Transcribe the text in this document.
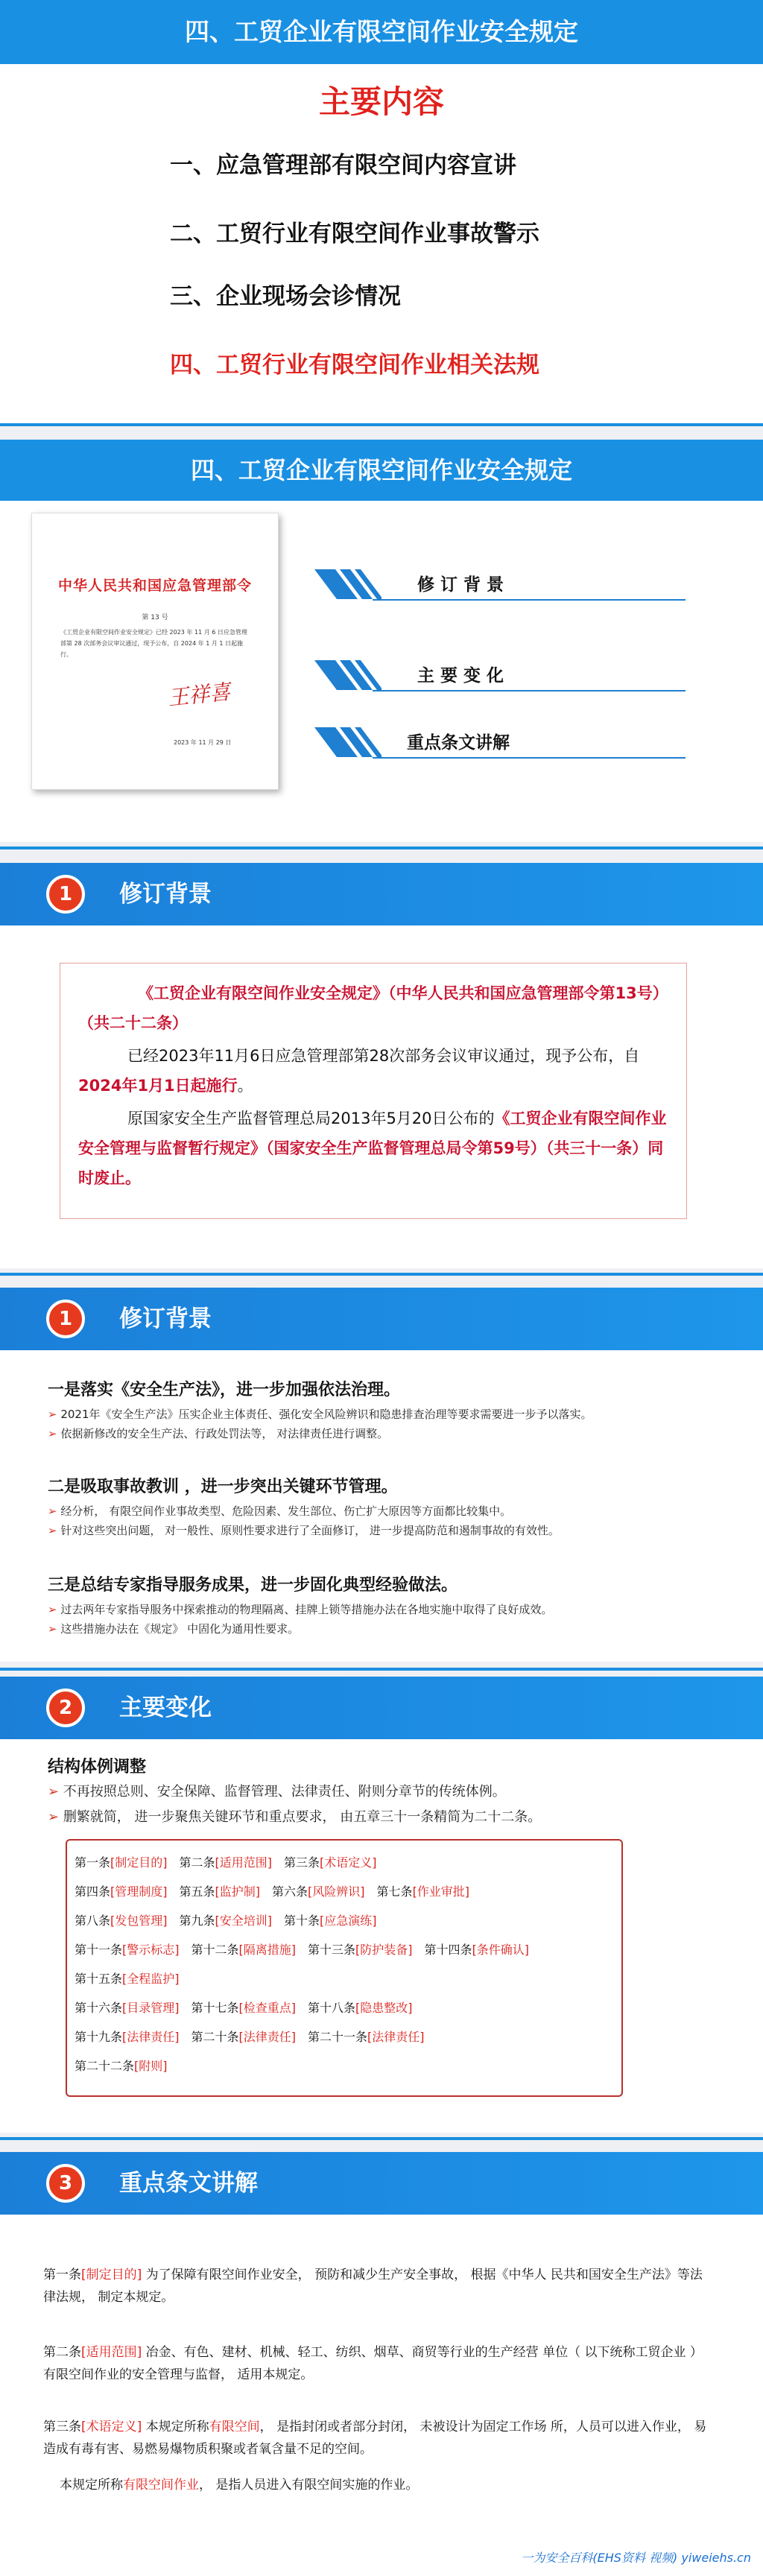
四、工贸企业有限空间作业安全规定
主要内容
一、应急管理部有限空间内容宣讲
二、工贸行业有限空间作业事故警示
三、企业现场会诊情况
四、工贸行业有限空间作业相关法规
四、工贸企业有限空间作业安全规定
中华人民共和国应急管理部令
第 13 号
《工贸企业有限空间作业安全规定》已经 2023 年 11 月 6 日应急管理部第 28 次部务会议审议通过，现予公布，自 2024 年 1 月 1 日起施行。
王祥喜
2023 年 11 月 29 日
修 订 背 景
主 要 变 化
重点条文讲解
1	修订背景
《工贸企业有限空间作业安全规定》（中华人民共和国应急管理部令第13号）（共二十二条）
已经2023年11月6日应急管理部第28次部务会议审议通过，现予公布，自2024年1月1日起施行。
原国家安全生产监督管理总局2013年5月20日公布的《工贸企业有限空间作业安全管理与监督暂行规定》（国家安全生产监督管理总局令第59号）（共三十一条）同时废止。
1	修订背景
一是落实《安全生产法》，进一步加强依法治理。
➢ 2021年《安全生产法》压实企业主体责任、强化安全风险辨识和隐患排查治理等要求需要进一步予以落实。
➢ 依据新修改的安全生产法、行政处罚法等， 对法律责任进行调整。
二是吸取事故教训 ，进一步突出关键环节管理。
➢ 经分析， 有限空间作业事故类型、危险因素、发生部位、伤亡扩大原因等方面都比较集中。
➢ 针对这些突出问题， 对一般性、原则性要求进行了全面修订， 进一步提高防范和遏制事故的有效性。
三是总结专家指导服务成果，进一步固化典型经验做法。
➢ 过去两年专家指导服务中探索推动的物理隔离、挂牌上锁等措施办法在各地实施中取得了良好成效。
➢ 这些措施办法在《规定》 中固化为通用性要求。
2	主要变化
结构体例调整
➢ 不再按照总则、安全保障、监督管理、法律责任、附则分章节的传统体例。
➢ 删繁就简， 进一步聚焦关键环节和重点要求， 由五章三十一条精简为二十二条。
第一条[制定目的] 第二条[适用范围] 第三条[术语定义]
第四条[管理制度] 第五条[监护制] 第六条[风险辨识] 第七条[作业审批]
第八条[发包管理] 第九条[安全培训] 第十条[应急演练]
第十一条[警示标志] 第十二条[隔离措施] 第十三条[防护装备] 第十四条[条件确认]
第十五条[全程监护]
第十六条[目录管理] 第十七条[检查重点] 第十八条[隐患整改]
第十九条[法律责任] 第二十条[法律责任] 第二十一条[法律责任]
第二十二条[附则]
3	重点条文讲解
第一条[制定目的] 为了保障有限空间作业安全， 预防和减少生产安全事故， 根据《中华人 民共和国安全生产法》等法律法规， 制定本规定。
第二条[适用范围] 冶金、有色、建材、机械、轻工、纺织、烟草、商贸等行业的生产经营 单位（ 以下统称工贸企业 ）有限空间作业的安全管理与监督， 适用本规定。
第三条[术语定义] 本规定所称有限空间， 是指封闭或者部分封闭， 未被设计为固定工作场 所，人员可以进入作业， 易造成有毒有害、易燃易爆物质积聚或者氧含量不足的空间。
本规定所称有限空间作业， 是指人员进入有限空间实施的作业。
一为安全百科(EHS资料 视频) yiweiehs.cn
